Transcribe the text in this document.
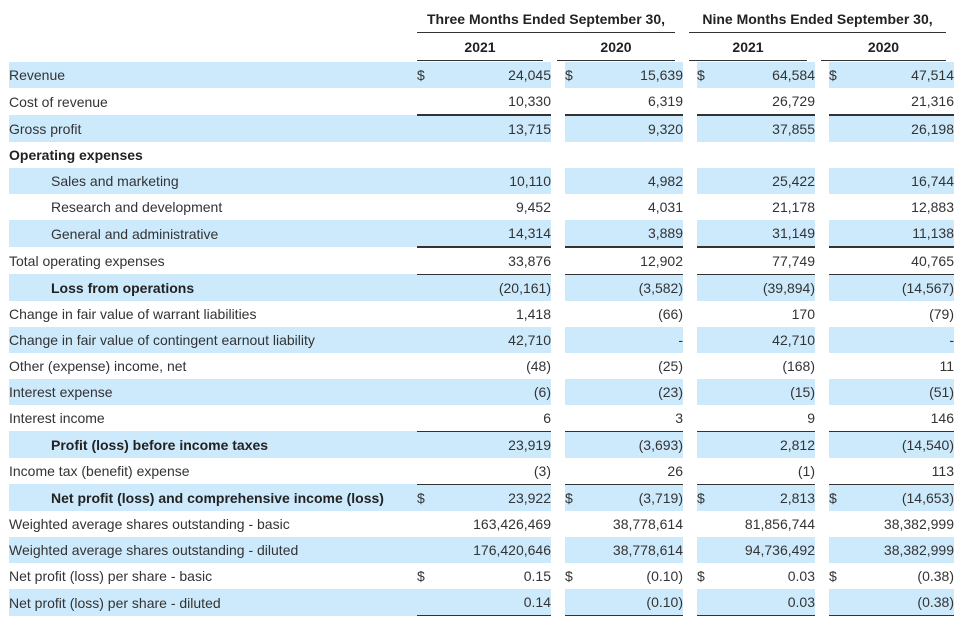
Three Months Ended September 30,	Nine Months Ended September 30,
2021	2020	2021	2020
Revenue	$	24,045		$	15,639		$	64,584		$	47,514
Cost of revenue		10,330			6,319			26,729			21,316
Gross profit		13,715			9,320			37,855			26,198
Operating expenses											
Sales and marketing		10,110			4,982			25,422			16,744
Research and development		9,452			4,031			21,178			12,883
General and administrative		14,314			3,889			31,149			11,138
Total operating expenses		33,876			12,902			77,749			40,765
Loss from operations		(20,161)			(3,582)			(39,894)			(14,567)
Change in fair value of warrant liabilities		1,418			(66)			170			(79)
Change in fair value of contingent earnout liability		42,710			-			42,710			-
Other (expense) income, net		(48)			(25)			(168)			11
Interest expense		(6)			(23)			(15)			(51)
Interest income		6			3			9			146
Profit (loss) before income taxes		23,919			(3,693)			2,812			(14,540)
Income tax (benefit) expense		(3)			26			(1)			113
Net profit (loss) and comprehensive income (loss)	$	23,922		$	(3,719)		$	2,813		$	(14,653)
Weighted average shares outstanding - basic		163,426,469			38,778,614			81,856,744			38,382,999
Weighted average shares outstanding - diluted		176,420,646			38,778,614			94,736,492			38,382,999
Net profit (loss) per share - basic	$	0.15		$	(0.10)		$	0.03		$	(0.38)
Net profit (loss) per share - diluted		0.14			(0.10)			0.03			(0.38)
